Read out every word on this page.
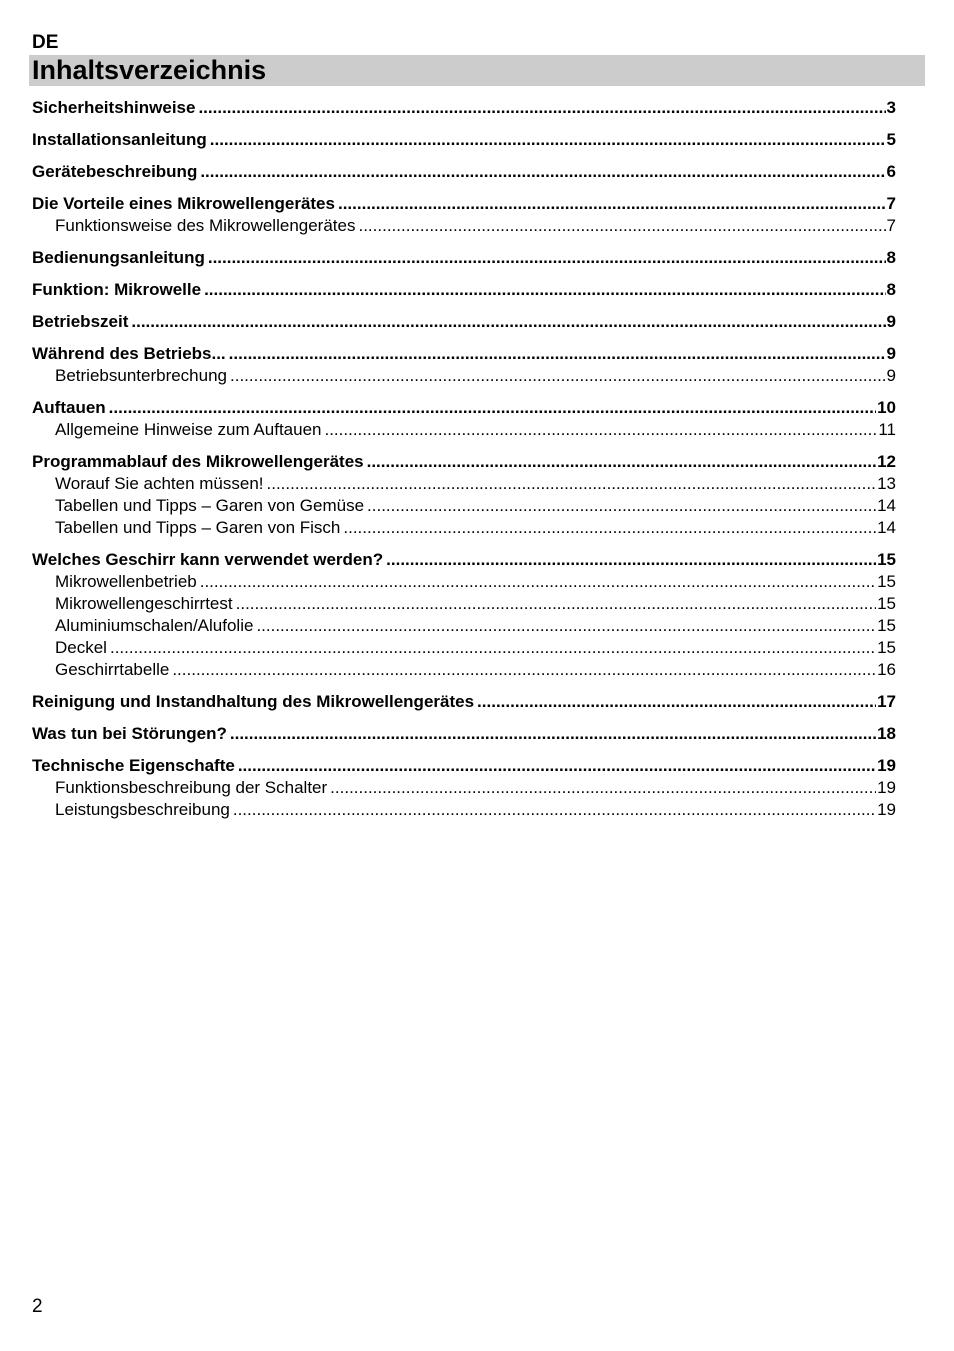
DE
Inhaltsverzeichnis
Sicherheitshinweise .....	3
Installationsanleitung .....	5
Gerätebeschreibung .....	6
Die Vorteile eines Mikrowellengerätes .....	7
Funktionsweise des Mikrowellengerätes .....	7
Bedienungsanleitung .....	8
Funktion: Mikrowelle .....	8
Betriebszeit .....	9
Während des Betriebs... .....	9
Betriebsunterbrechung .....	9
Auftauen .....	10
Allgemeine Hinweise zum Auftauen .....	11
Programmablauf des Mikrowellengerätes .....	12
Worauf Sie achten müssen! .....	13
Tabellen und Tipps – Garen von Gemüse .....	14
Tabellen und Tipps – Garen von Fisch .....	14
Welches Geschirr kann verwendet werden? .....	15
Mikrowellenbetrieb .....	15
Mikrowellengeschirrtest .....	15
Aluminiumschalen/Alufolie .....	15
Deckel .....	15
Geschirrtabelle .....	16
Reinigung und Instandhaltung des Mikrowellengerätes .....	17
Was tun bei Störungen? .....	18
Technische Eigenschafte .....	19
Funktionsbeschreibung der Schalter .....	19
Leistungsbeschreibung .....	19
2
